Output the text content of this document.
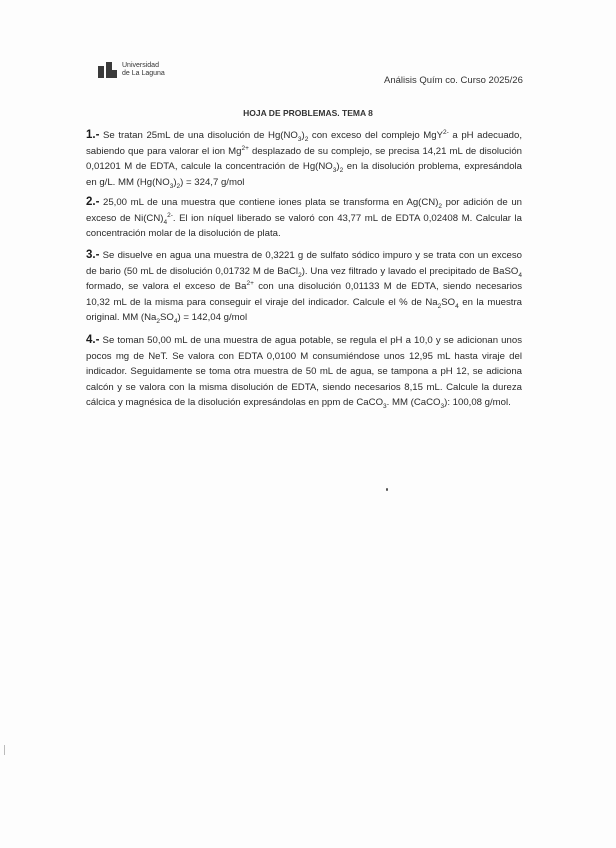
Universidad
de La Laguna
Análisis Quím co. Curso 2025/26
HOJA DE PROBLEMAS. TEMA 8
1.- Se tratan 25mL de una disolución de $Hg(NO_3)_2$ con exceso del complejo MgY$^{2-}$ a pH adecuado, sabiendo que para valorar el ion $Mg^{2+}$ desplazado de su complejo, se precisa 14,21 mL de disolución 0,01201 M de EDTA, calcule la concentración de $Hg(NO_3)_2$ en la disolución problema, expresándola en g/L. MM $(Hg(NO_3)_2) = 324,7$ g/mol
2.- 25,00 mL de una muestra que contiene iones plata se transforma en $Ag(CN)_2$ por adición de un exceso de $Ni(CN)_4^{2-}$. El ion níquel liberado se valoró con 43,77 mL de EDTA 0,02408 M. Calcular la concentración molar de la disolución de plata.
3.- Se disuelve en agua una muestra de 0,3221 g de sulfato sódico impuro y se trata con un exceso de bario (50 mL de disolución 0,01732 M de BaCl$_2$). Una vez filtrado y lavado el precipitado de BaSO$_4$ formado, se valora el exceso de $Ba^{2+}$ con una disolución 0,01133 M de EDTA, siendo necesarios 10,32 mL de la misma para conseguir el viraje del indicador. Calcule el % de $Na_2SO_4$ en la muestra original. MM $(Na_2SO_4) = 142,04$ g/mol
4.- Se toman 50,00 mL de una muestra de agua potable, se regula el pH a 10,0 y se adicionan unos pocos mg de NeT. Se valora con EDTA 0,0100 M consumiéndose unos 12,95 mL hasta viraje del indicador. Seguidamente se toma otra muestra de 50 mL de agua, se tampona a pH 12, se adiciona calcón y se valora con la misma disolución de EDTA, siendo necesarios 8,15 mL. Calcule la dureza cálcica y magnésica de la disolución expresándolas en ppm de CaCO$_3$. MM (CaCO$_3$): 100,08 g/mol.
